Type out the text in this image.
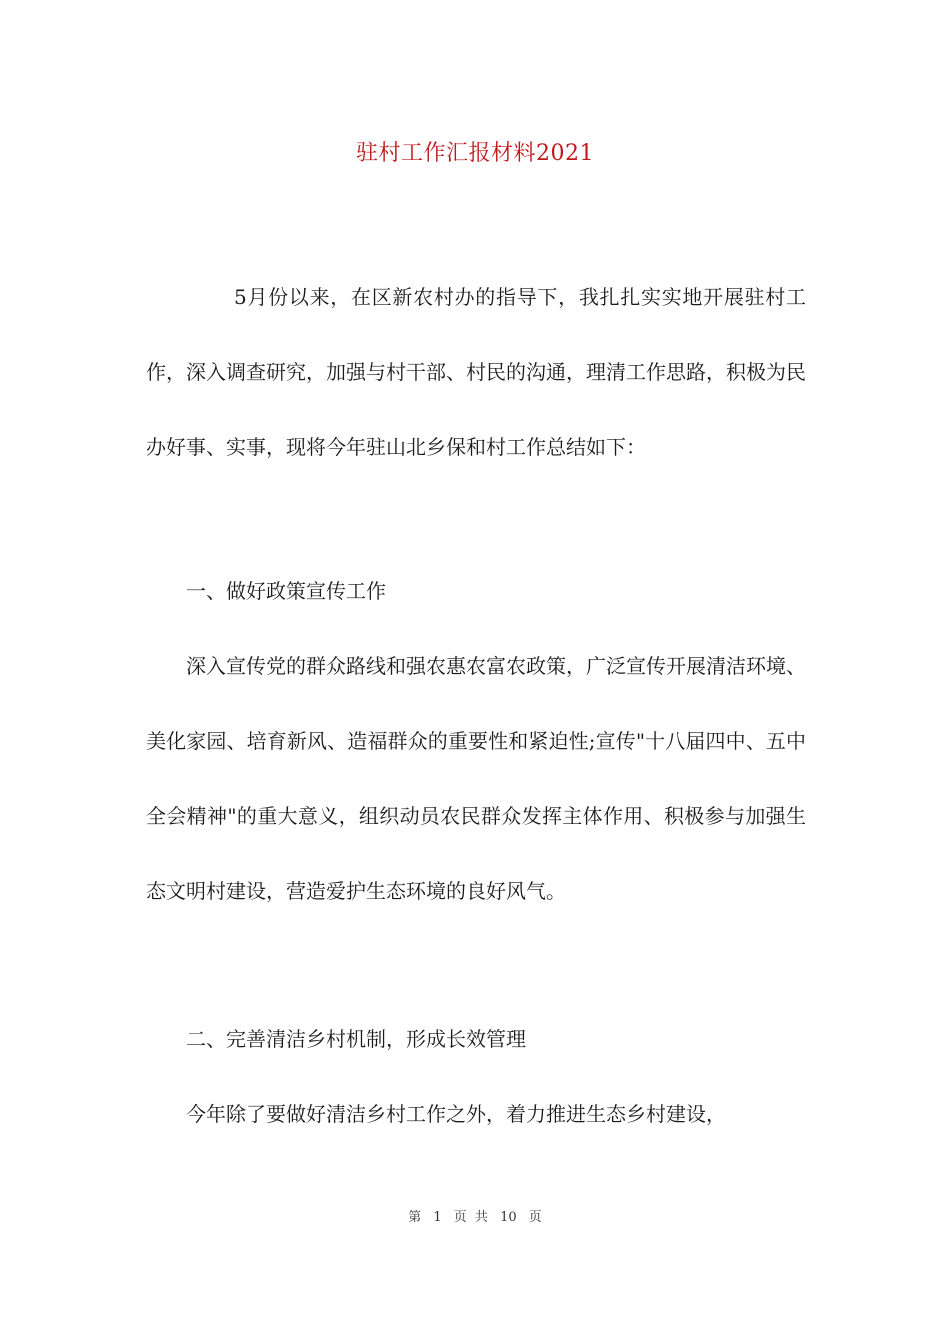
驻村工作汇报材料2021

5月份以来，在区新农村办的指导下，我扎扎实实地开展驻村工作，深入调查研究，加强与村干部、村民的沟通，理清工作思路，积极为民办好事、实事，现将今年驻山北乡保和村工作总结如下：

一、做好政策宣传工作

深入宣传党的群众路线和强农惠农富农政策，广泛宣传开展清洁环境、美化家园、培育新风、造福群众的重要性和紧迫性;宣传"十八届四中、五中全会精神"的重大意义，组织动员农民群众发挥主体作用、积极参与加强生态文明村建设，营造爱护生态环境的良好风气。

二、完善清洁乡村机制，形成长效管理

今年除了要做好清洁乡村工作之外，着力推进生态乡村建设，

第 1 页 共 10 页
